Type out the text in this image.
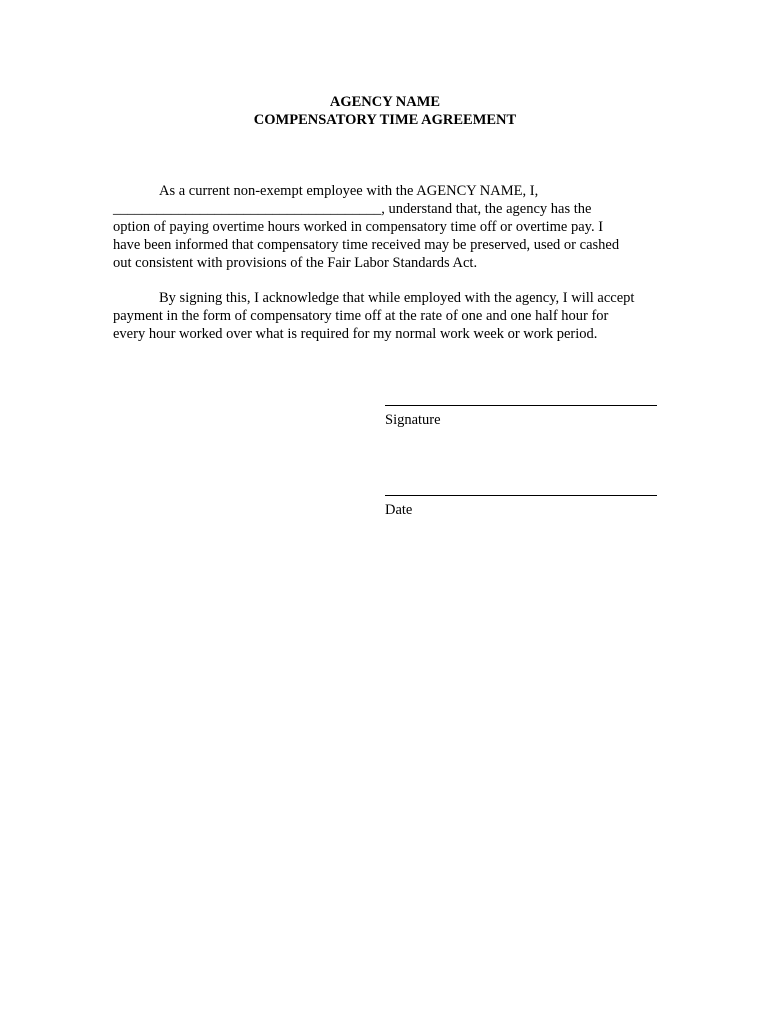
AGENCY NAME
COMPENSATORY TIME AGREEMENT
As a current non-exempt employee with the AGENCY NAME, I,
_____________________________________, understand that, the agency has the
option of paying overtime hours worked in compensatory time off or overtime pay. I
have been informed that compensatory time received may be preserved, used or cashed
out consistent with provisions of the Fair Labor Standards Act.
By signing this, I acknowledge that while employed with the agency, I will accept
payment in the form of compensatory time off at the rate of one and one half hour for
every hour worked over what is required for my normal work week or work period.
Signature
Date
